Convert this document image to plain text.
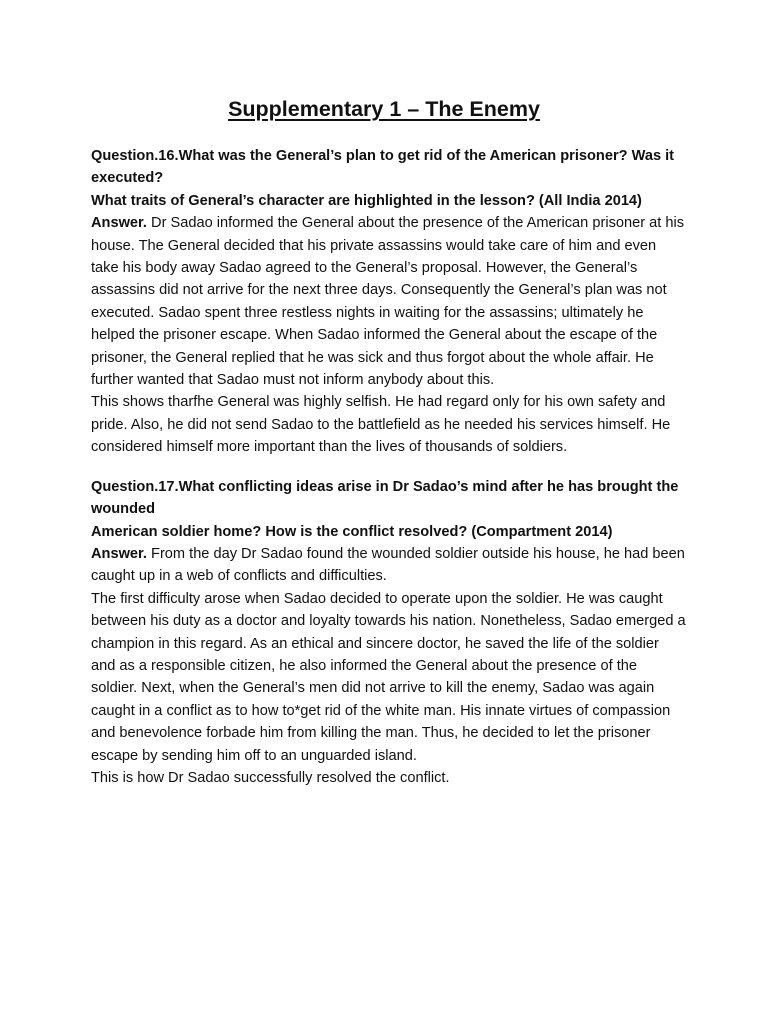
Supplementary 1 – The Enemy

Question.16.What was the General’s plan to get rid of the American prisoner? Was it executed?

What traits of General’s character are highlighted in the lesson? (All India 2014)

Answer. Dr Sadao informed the General about the presence of the American prisoner at his house. The General decided that his private assassins would take care of him and even take his body away Sadao agreed to the General’s proposal. However, the General’s assassins did not arrive for the next three days. Consequently the General’s plan was not executed. Sadao spent three restless nights in waiting for the assassins; ultimately he helped the prisoner escape. When Sadao informed the General about the escape of the prisoner, the General replied that he was sick and thus forgot about the whole affair. He further wanted that Sadao must not inform anybody about this.

This shows tharfhe General was highly selfish. He had regard only for his own safety and pride. Also, he did not send Sadao to the battlefield as he needed his services himself. He considered himself more important than the lives of thousands of soldiers.

Question.17.What conflicting ideas arise in Dr Sadao’s mind after he has brought the wounded

American soldier home? How is the conflict resolved? (Compartment 2014)

Answer. From the day Dr Sadao found the wounded soldier outside his house, he had been caught up in a web of conflicts and difficulties.

The first difficulty arose when Sadao decided to operate upon the soldier. He was caught between his duty as a doctor and loyalty towards his nation. Nonetheless, Sadao emerged a champion in this regard. As an ethical and sincere doctor, he saved the life of the soldier and as a responsible citizen, he also informed the General about the presence of the soldier. Next, when the General’s men did not arrive to kill the enemy, Sadao was again caught in a conflict as to how to*get rid of the white man. His innate virtues of compassion and benevolence forbade him from killing the man. Thus, he decided to let the prisoner escape by sending him off to an unguarded island.

This is how Dr Sadao successfully resolved the conflict.
